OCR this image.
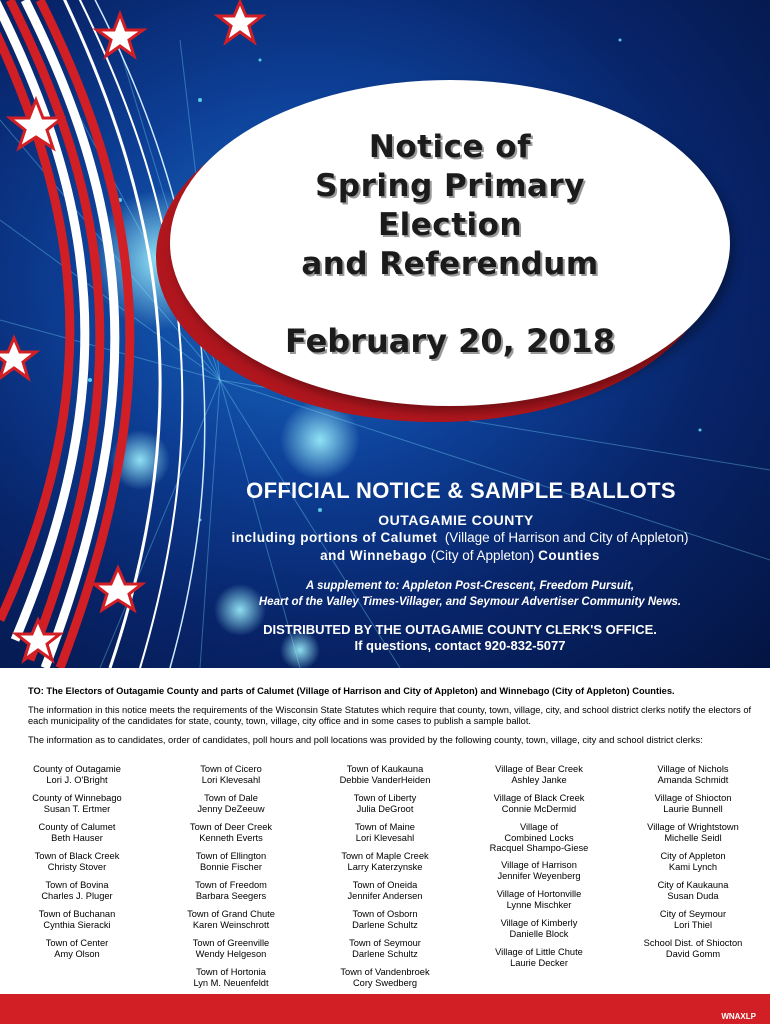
Notice of
Spring Primary
Election
and Referendum
February 20, 2018
OFFICIAL NOTICE & SAMPLE BALLOTS
OUTAGAMIE COUNTY
including portions of Calumet (Village of Harrison and City of Appleton)
and Winnebago (City of Appleton) Counties
A supplement to: Appleton Post-Crescent, Freedom Pursuit,
Heart of the Valley Times-Villager, and Seymour Advertiser Community News.
DISTRIBUTED BY THE OUTAGAMIE COUNTY CLERK'S OFFICE.
If questions, contact 920-832-5077
TO: The Electors of Outagamie County and parts of Calumet (Village of Harrison and City of Appleton) and Winnebago (City of Appleton) Counties.
The information in this notice meets the requirements of the Wisconsin State Statutes which require that county, town, village, city, and school district clerks notify the electors of each municipality of the candidates for state, county, town, village, city office and in some cases to publish a sample ballot.
The information as to candidates, order of candidates, poll hours and poll locations was provided by the following county, town, village, city and school district clerks:
County of Outagamie
Lori J. O'Bright
County of Winnebago
Susan T. Ertmer
County of Calumet
Beth Hauser
Town of Black Creek
Christy Stover
Town of Bovina
Charles J. Pluger
Town of Buchanan
Cynthia Sieracki
Town of Center
Amy Olson
Town of Cicero
Lori Klevesahl
Town of Dale
Jenny DeZeeuw
Town of Deer Creek
Kenneth Everts
Town of Ellington
Bonnie Fischer
Town of Freedom
Barbara Seegers
Town of Grand Chute
Karen Weinschrott
Town of Greenville
Wendy Helgeson
Town of Hortonia
Lyn M. Neuenfeldt
Town of Kaukauna
Debbie VanderHeiden
Town of Liberty
Julia DeGroot
Town of Maine
Lori Klevesahl
Town of Maple Creek
Larry Katerzynske
Town of Oneida
Jennifer Andersen
Town of Osborn
Darlene Schultz
Town of Seymour
Darlene Schultz
Town of Vandenbroek
Cory Swedberg
Village of Bear Creek
Ashley Janke
Village of Black Creek
Connie McDermid
Village of Combined Locks
Racquel Shampo-Giese
Village of Harrison
Jennifer Weyenberg
Village of Hortonville
Lynne Mischker
Village of Kimberly
Danielle Block
Village of Little Chute
Laurie Decker
Village of Nichols
Amanda Schmidt
Village of Shiocton
Laurie Bunnell
Village of Wrightstown
Michelle Seidl
City of Appleton
Kami Lynch
City of Kaukauna
Susan Duda
City of Seymour
Lori Thiel
School Dist. of Shiocton
David Gomm
WNAXLP
